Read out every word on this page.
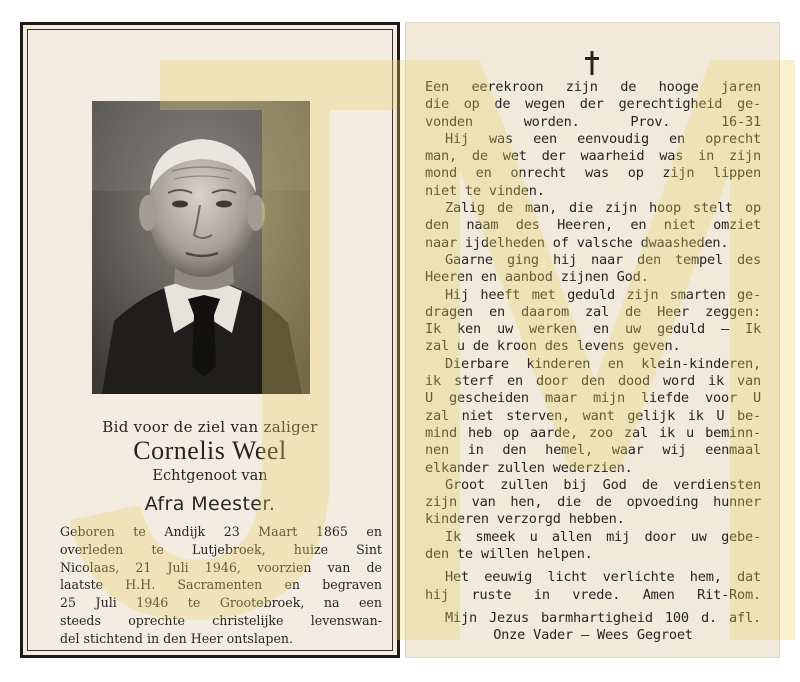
Bid voor de ziel van zaliger
Cornelis Weel
Echtgenoot van
Afra Meester.
Geboren te Andijk 23 Maart 1865 en
overleden te Lutjebroek, huize Sint
Nicolaas, 21 Juli 1946, voorzien van de
laatste H.H. Sacramenten en begraven
25 Juli 1946 te Grootebroek, na een
steeds oprechte christelijke levenswan-
del stichtend in den Heer ontslapen.
Een eerekroon zijn de hooge jaren
die op de wegen der gerechtigheid ge-
vonden worden. Prov. 16-31
Hij was een eenvoudig en oprecht
man, de wet der waarheid was in zijn
mond en onrecht was op zijn lippen
niet te vinden.
Zalig de man, die zijn hoop stelt op
den naam des Heeren, en niet omziet
naar ijdelheden of valsche dwaasheden.
Gaarne ging hij naar den tempel des
Heeren en aanbod zijnen God.
Hij heeft met geduld zijn smarten ge-
dragen en daarom zal de Heer zeggen:
Ik ken uw werken en uw geduld — Ik
zal u de kroon des levens geven.
Dierbare kinderen en klein-kinderen,
ik sterf en door den dood word ik van
U gescheiden maar mijn liefde voor U
zal niet sterven, want gelijk ik U be-
mind heb op aarde, zoo zal ik u beminn-
nen in den hemel, waar wij eenmaal
elkander zullen wederzien.
Groot zullen bij God de verdiensten
zijn van hen, die de opvoeding hunner
kinderen verzorgd hebben.
Ik smeek u allen mij door uw gebe-
den te willen helpen.
Het eeuwig licht verlichte hem, dat
hij ruste in vrede. Amen Rit-Rom.
Mijn Jezus barmhartigheid 100 d. afl.
Onze Vader — Wees Gegroet
